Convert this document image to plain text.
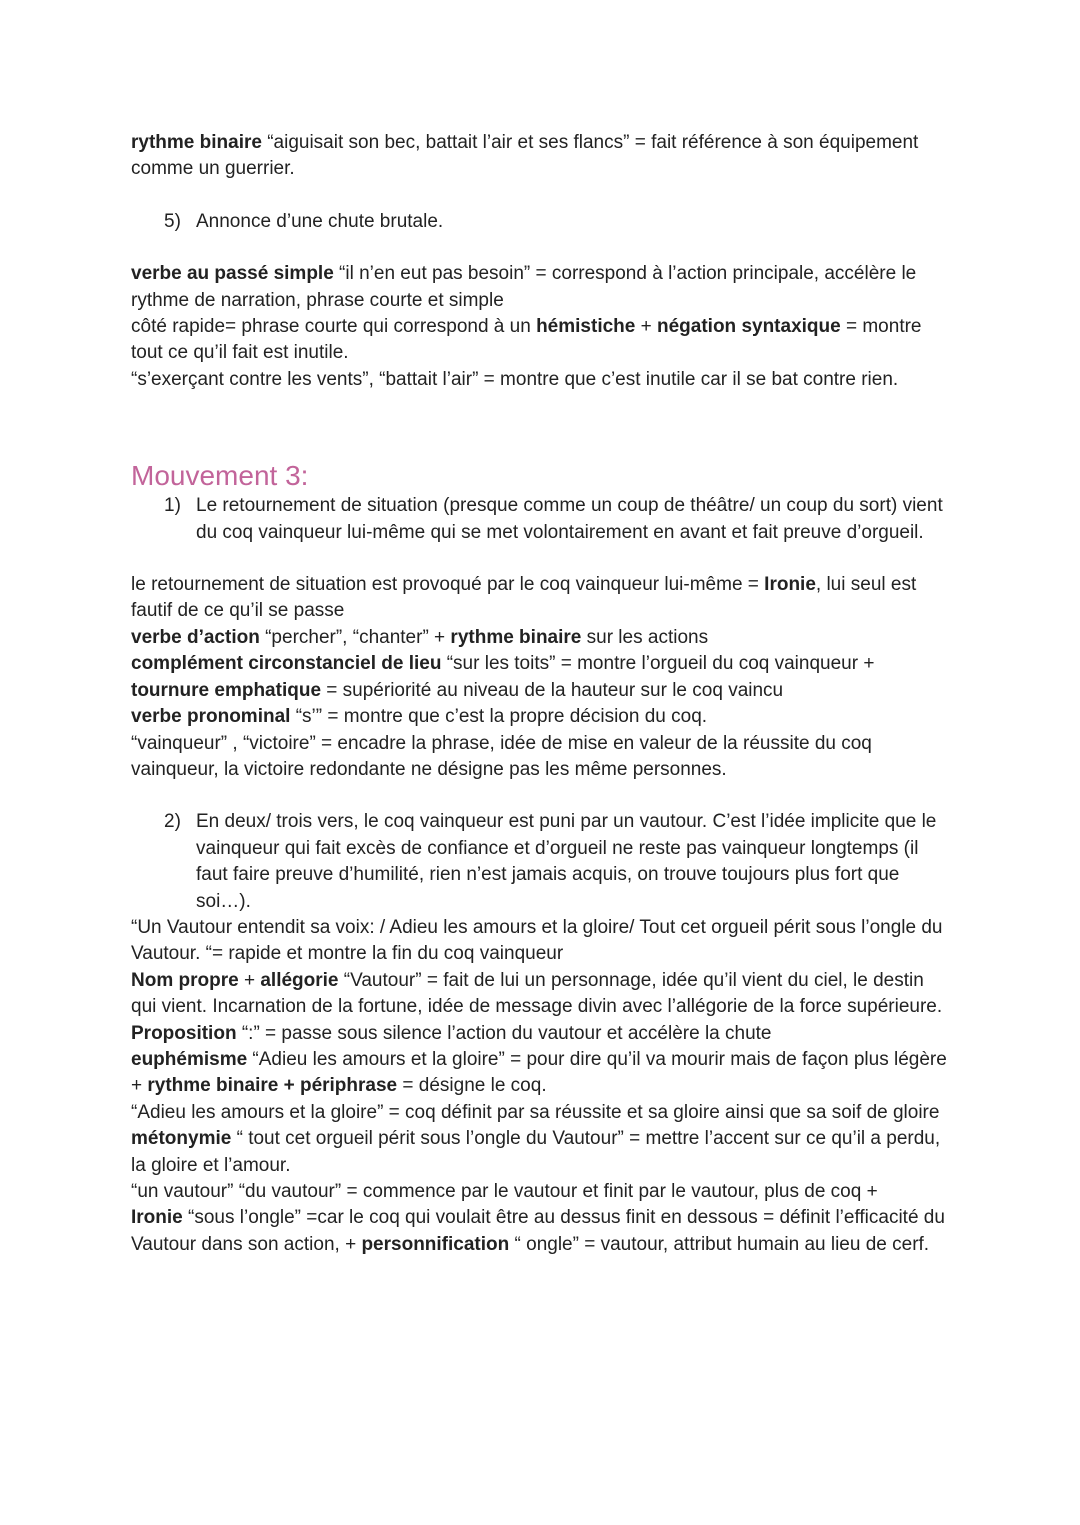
rythme binaire “aiguisait son bec, battait l’air et ses flancs” = fait référence à son équipement comme un guerrier.

5) Annonce d’une chute brutale.

verbe au passé simple “il n’en eut pas besoin” = correspond à l’action principale, accélère le rythme de narration, phrase courte et simple

côté rapide= phrase courte qui correspond à un hémistiche + négation syntaxique = montre tout ce qu’il fait est inutile.

“s’exerçant contre les vents”, “battait l’air” = montre que c’est inutile car il se bat contre rien.

Mouvement 3:
1) Le retournement de situation (presque comme un coup de théâtre/ un coup du sort) vient du coq vainqueur lui-même qui se met volontairement en avant et fait preuve d’orgueil.

le retournement de situation est provoqué par le coq vainqueur lui-même = Ironie, lui seul est fautif de ce qu’il se passe

verbe d’action “percher”, “chanter” + rythme binaire sur les actions

complément circonstanciel de lieu “sur les toits” = montre l’orgueil du coq vainqueur +

tournure emphatique = supériorité au niveau de la hauteur sur le coq vaincu

verbe pronominal “s’” = montre que c’est la propre décision du coq.

“vainqueur” , “victoire” = encadre la phrase, idée de mise en valeur de la réussite du coq vainqueur, la victoire redondante ne désigne pas les même personnes.

2) En deux/ trois vers, le coq vainqueur est puni par un vautour. C’est l’idée implicite que le vainqueur qui fait excès de confiance et d’orgueil ne reste pas vainqueur longtemps (il faut faire preuve d’humilité, rien n’est jamais acquis, on trouve toujours plus fort que soi…).

“Un Vautour entendit sa voix: / Adieu les amours et la gloire/ Tout cet orgueil périt sous l’ongle du Vautour. “= rapide et montre la fin du coq vainqueur

Nom propre + allégorie “Vautour” = fait de lui un personnage, idée qu’il vient du ciel, le destin qui vient. Incarnation de la fortune, idée de message divin avec l’allégorie de la force supérieure.

Proposition “:” = passe sous silence l’action du vautour et accélère la chute

euphémisme “Adieu les amours et la gloire” = pour dire qu’il va mourir mais de façon plus légère + rythme binaire + périphrase = désigne le coq.

“Adieu les amours et la gloire” = coq définit par sa réussite et sa gloire ainsi que sa soif de gloire

métonymie “ tout cet orgueil périt sous l’ongle du Vautour” = mettre l’accent sur ce qu’il a perdu, la gloire et l’amour.

“un vautour” “du vautour” = commence par le vautour et finit par le vautour, plus de coq +

Ironie “sous l’ongle” =car le coq qui voulait être au dessus finit en dessous = définit l’efficacité du Vautour dans son action, + personnification “ ongle” = vautour, attribut humain au lieu de cerf.
